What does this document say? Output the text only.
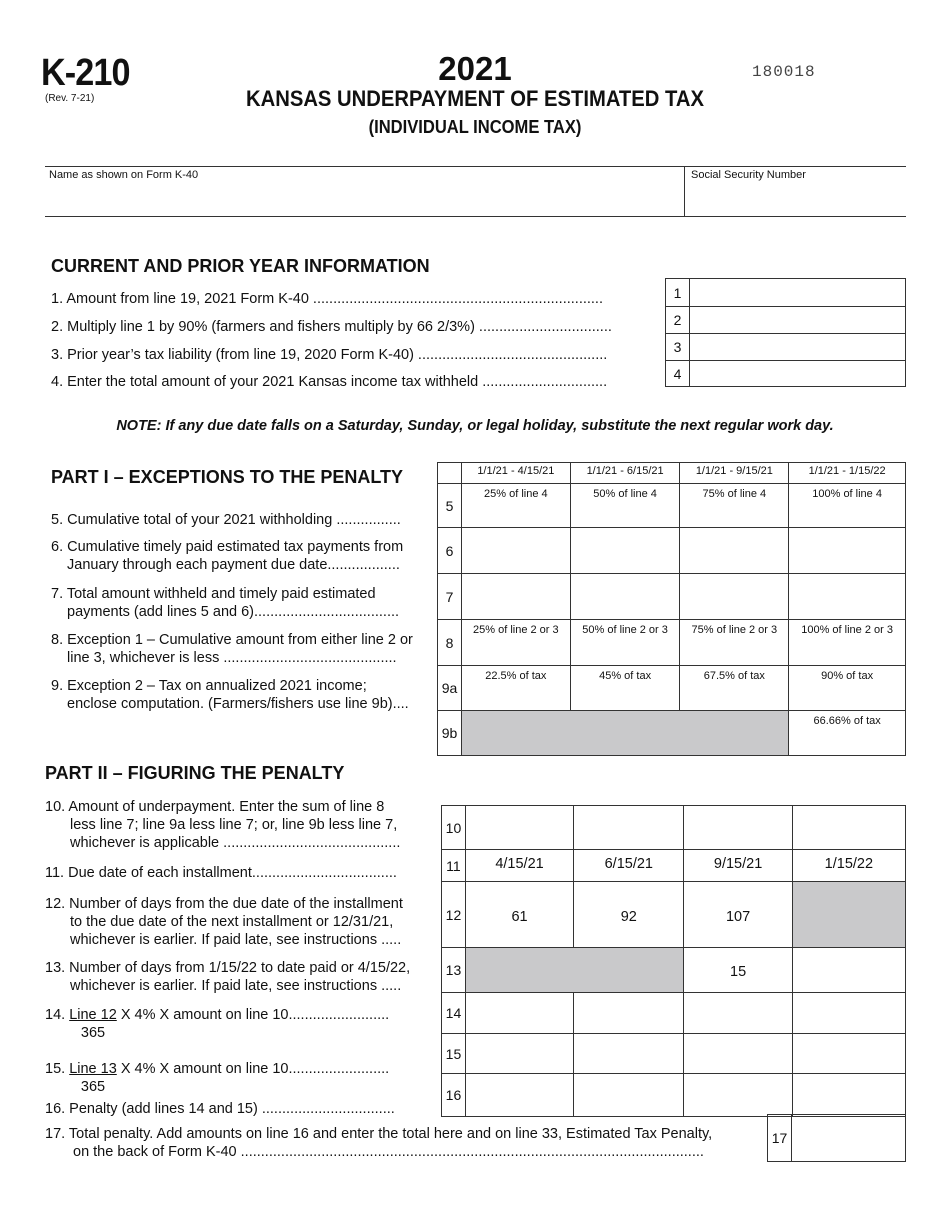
K-210
(Rev. 7-21)
2021
KANSAS UNDERPAYMENT OF ESTIMATED TAX
(INDIVIDUAL INCOME TAX)
180018
Name as shown on Form K-40	Social Security Number
CURRENT AND PRIOR YEAR INFORMATION
1. Amount from line 19, 2021 Form K-40 ........................................................................
2. Multiply line 1 by 90% (farmers and fishers multiply by 66 2/3%) .................................
3. Prior year’s tax liability (from line 19, 2020 Form K-40) ...............................................
4. Enter the total amount of your 2021 Kansas income tax withheld ...............................
1	
2	
3	
4	
NOTE: If any due date falls on a Saturday, Sunday, or legal holiday, substitute the next regular work day.
PART I – EXCEPTIONS TO THE PENALTY
5. Cumulative total of your 2021 withholding ................
6. Cumulative timely paid estimated tax payments from
January through each payment due date..................
7. Total amount withheld and timely paid estimated
payments (add lines 5 and 6)....................................
8. Exception 1 – Cumulative amount from either line 2 or
line 3, whichever is less ...........................................
9. Exception 2 – Tax on annualized 2021 income;
enclose computation. (Farmers/fishers use line 9b)....
	1/1/21 - 4/15/21	1/1/21 - 6/15/21	1/1/21 - 9/15/21	1/1/21 - 1/15/22
5	25% of line 4	50% of line 4	75% of line 4	100% of line 4
6				
7				
8	25% of line 2 or 3	50% of line 2 or 3	75% of line 2 or 3	100% of line 2 or 3
9a	22.5% of tax	45% of tax	67.5% of tax	90% of tax
9b				66.66% of tax
PART II – FIGURING THE PENALTY
10. Amount of underpayment. Enter the sum of line 8
less line 7; line 9a less line 7; or, line 9b less line 7,
whichever is applicable ............................................
11. Due date of each installment....................................
12. Number of days from the due date of the installment
to the due date of the next installment or 12/31/21,
whichever is earlier. If paid late, see instructions .....
13. Number of days from 1/15/22 to date paid or 4/15/22,
whichever is earlier. If paid late, see instructions .....
14. $\frac{\text{Line 12}}{365}$ X 4% X amount on line 10.........................
15. $\frac{\text{Line 13}}{365}$ X 4% X amount on line 10.........................
16. Penalty (add lines 14 and 15) .................................
17. Total penalty. Add amounts on line 16 and enter the total here and on line 33, Estimated Tax Penalty,
on the back of Form K-40 ...................................................................................................................
10				
11	4/15/21	6/15/21	9/15/21	1/15/22
12	61	92	107	
13			15	
14				
15				
16				
17	
